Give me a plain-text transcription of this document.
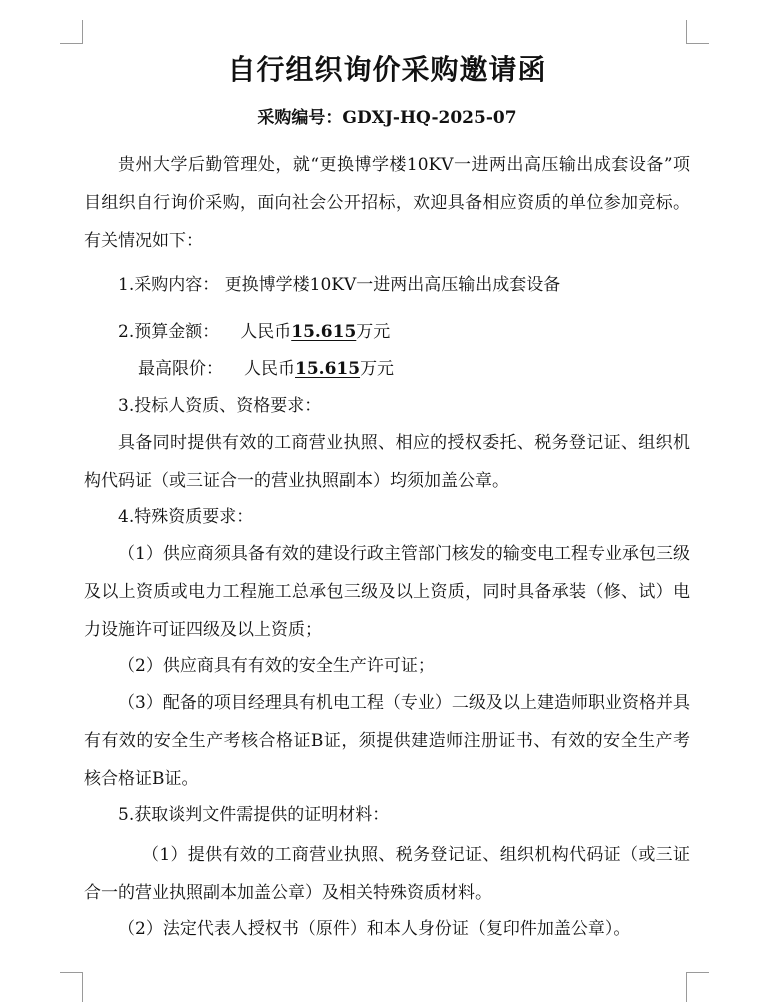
自行组织询价采购邀请函
采购编号：GDXJ-HQ-2025-07
贵州大学后勤管理处，就“更换博学楼10KV一进两出高压输出成套设备”项目组织自行询价采购，面向社会公开招标，欢迎具备相应资质的单位参加竞标。有关情况如下：
1.采购内容： 更换博学楼10KV一进两出高压输出成套设备
2.预算金额： 人民币15.615万元
最高限价： 人民币15.615万元
3.投标人资质、资格要求：
具备同时提供有效的工商营业执照、相应的授权委托、税务登记证、组织机构代码证（或三证合一的营业执照副本）均须加盖公章。
4.特殊资质要求：
（1）供应商须具备有效的建设行政主管部门核发的输变电工程专业承包三级及以上资质或电力工程施工总承包三级及以上资质，同时具备承装（修、试）电力设施许可证四级及以上资质；
（2）供应商具有有效的安全生产许可证；
（3）配备的项目经理具有机电工程（专业）二级及以上建造师职业资格并具有有效的安全生产考核合格证B证，须提供建造师注册证书、有效的安全生产考核合格证B证。
5.获取谈判文件需提供的证明材料：
（1）提供有效的工商营业执照、税务登记证、组织机构代码证（或三证合一的营业执照副本加盖公章）及相关特殊资质材料。
（2）法定代表人授权书（原件）和本人身份证（复印件加盖公章）。
